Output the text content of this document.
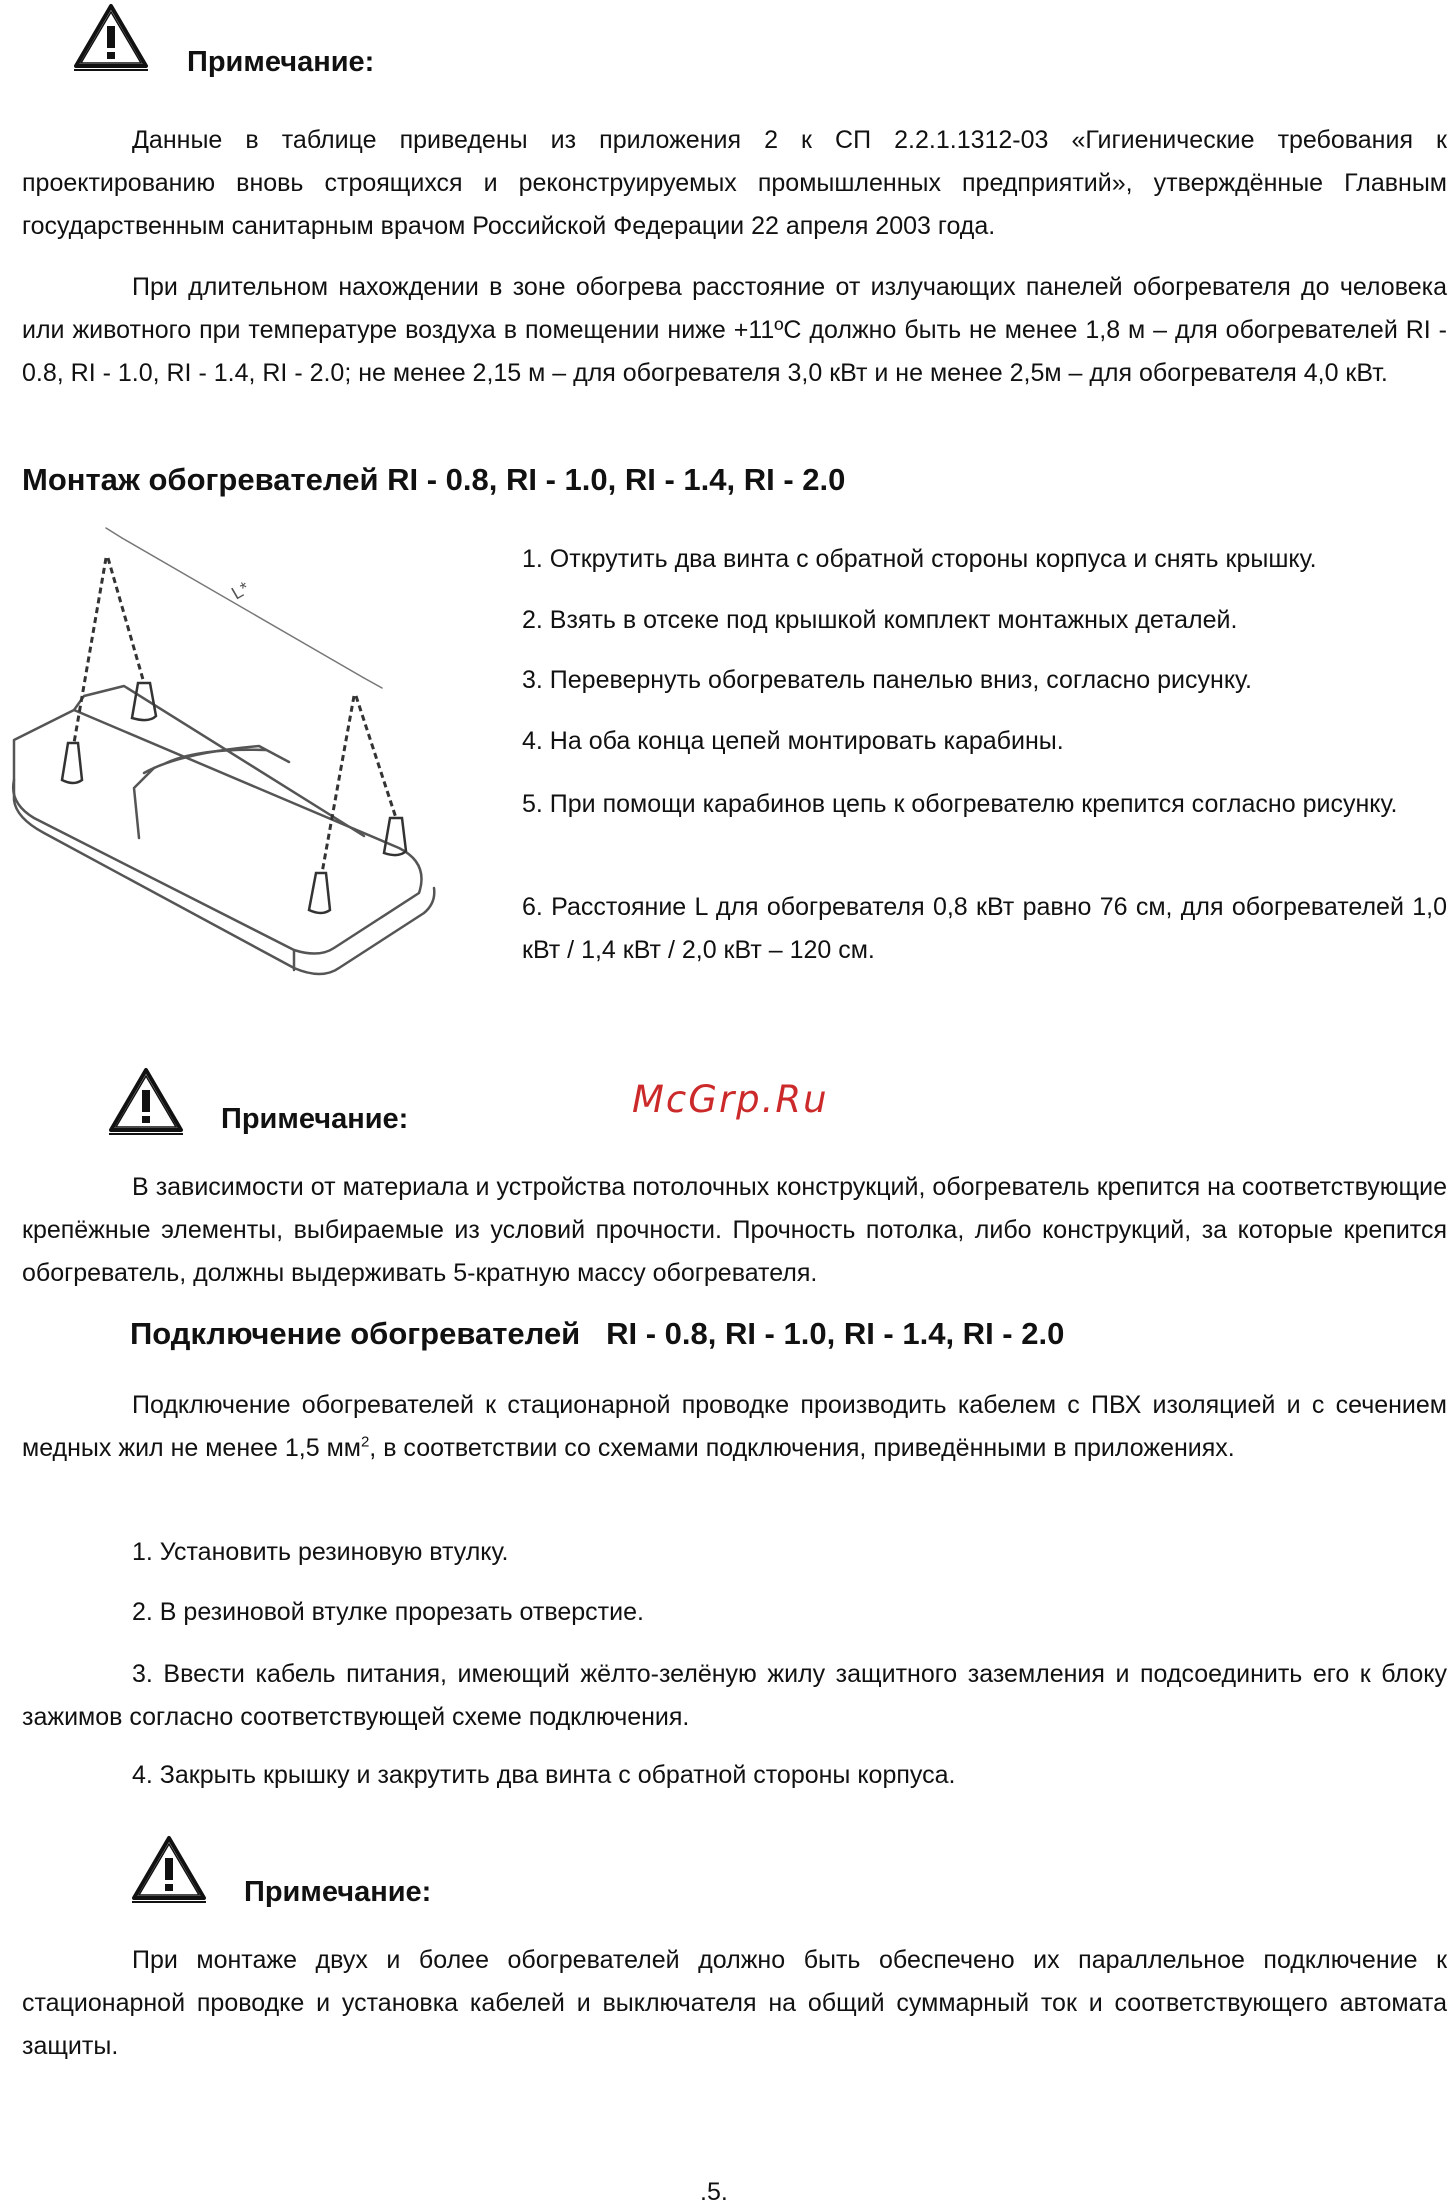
Примечание:

Данные в таблице приведены из приложения 2 к СП 2.2.1.1312-03 «Гигиенические требования к проектированию вновь строящихся и реконструируемых промышленных предприятий», утверждённые Главным государственным санитарным врачом Российской Федерации 22 апреля 2003 года.

При длительном нахождении в зоне обогрева расстояние от излучающих панелей обогревателя до человека или животного при температуре воздуха в помещении ниже +11ºС должно быть не менее 1,8 м – для обогревателей RI - 0.8, RI - 1.0, RI - 1.4, RI - 2.0; не менее 2,15 м – для обогревателя 3,0 кВт и не менее 2,5м – для обогревателя 4,0 кВт.

Монтаж обогревателей RI - 0.8, RI - 1.0, RI - 1.4, RI - 2.0

L*

1. Открутить два винта с обратной стороны корпуса и снять крышку.

2. Взять в отсеке под крышкой комплект монтажных деталей.

3. Перевернуть обогреватель панелью вниз, согласно рисунку.

4. На оба конца цепей монтировать карабины.

5. При помощи карабинов цепь к обогревателю крепится согласно рисунку.

6. Расстояние L для обогревателя 0,8 кВт равно 76 см, для обогревателей 1,0 кВт / 1,4 кВт / 2,0 кВт – 120 см.

Примечание:	McGrp.Ru

В зависимости от материала и устройства потолочных конструкций, обогреватель крепится на соответствующие крепёжные элементы, выбираемые из условий прочности. Прочность потолка, либо конструкций, за которые крепится обогреватель, должны выдерживать 5-кратную массу обогревателя.

Подключение обогревателей   RI - 0.8, RI - 1.0, RI - 1.4, RI - 2.0

Подключение обогревателей к стационарной проводке производить кабелем с ПВХ изоляцией и с сечением медных жил не менее 1,5 $мм^2$, в соответствии со схемами подключения, приведёнными в приложениях.

1. Установить резиновую втулку.

2. В резиновой втулке прорезать отверстие.

3. Ввести кабель питания, имеющий жёлто-зелёную жилу защитного заземления и подсоединить его к блоку зажимов согласно соответствующей схеме подключения.

4. Закрыть крышку и закрутить два винта с обратной стороны корпуса.

Примечание:

При монтаже двух и более обогревателей должно быть обеспечено их параллельное подключение к стационарной проводке и установка кабелей и выключателя на общий суммарный ток и соответствующего автомата защиты.

.5.
